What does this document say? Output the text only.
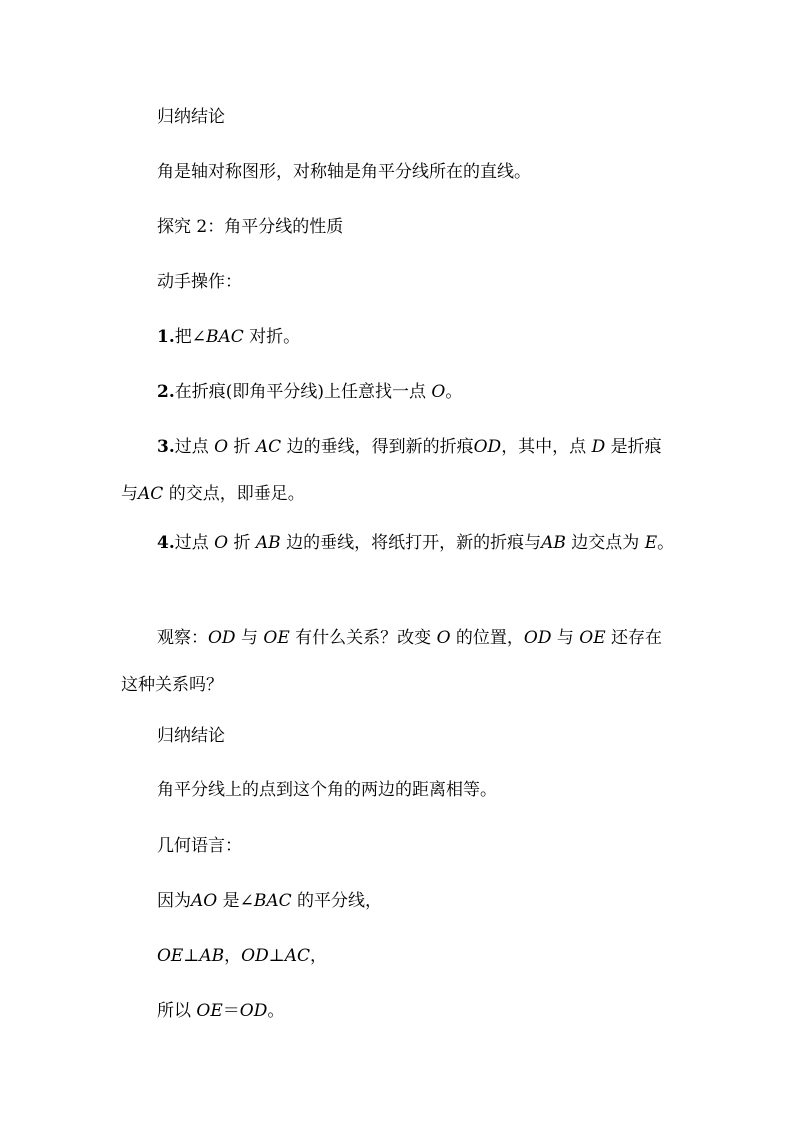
归纳结论

角是轴对称图形，对称轴是角平分线所在的直线。

探究 2：角平分线的性质

动手操作：

1.把∠BAC 对折。

2.在折痕(即角平分线)上任意找一点 O。

3.过点 O 折 AC 边的垂线，得到新的折痕OD，其中，点 D 是折痕与AC 的交点，即垂足。

4.过点 O 折 AB 边的垂线，将纸打开，新的折痕与AB 边交点为 E。

观察：OD 与 OE 有什么关系？改变 O 的位置，OD 与 OE 还存在这种关系吗？

归纳结论

角平分线上的点到这个角的两边的距离相等。

几何语言：

因为AO 是∠BAC 的平分线，

OE⊥AB，OD⊥AC，

所以 OE＝OD。
